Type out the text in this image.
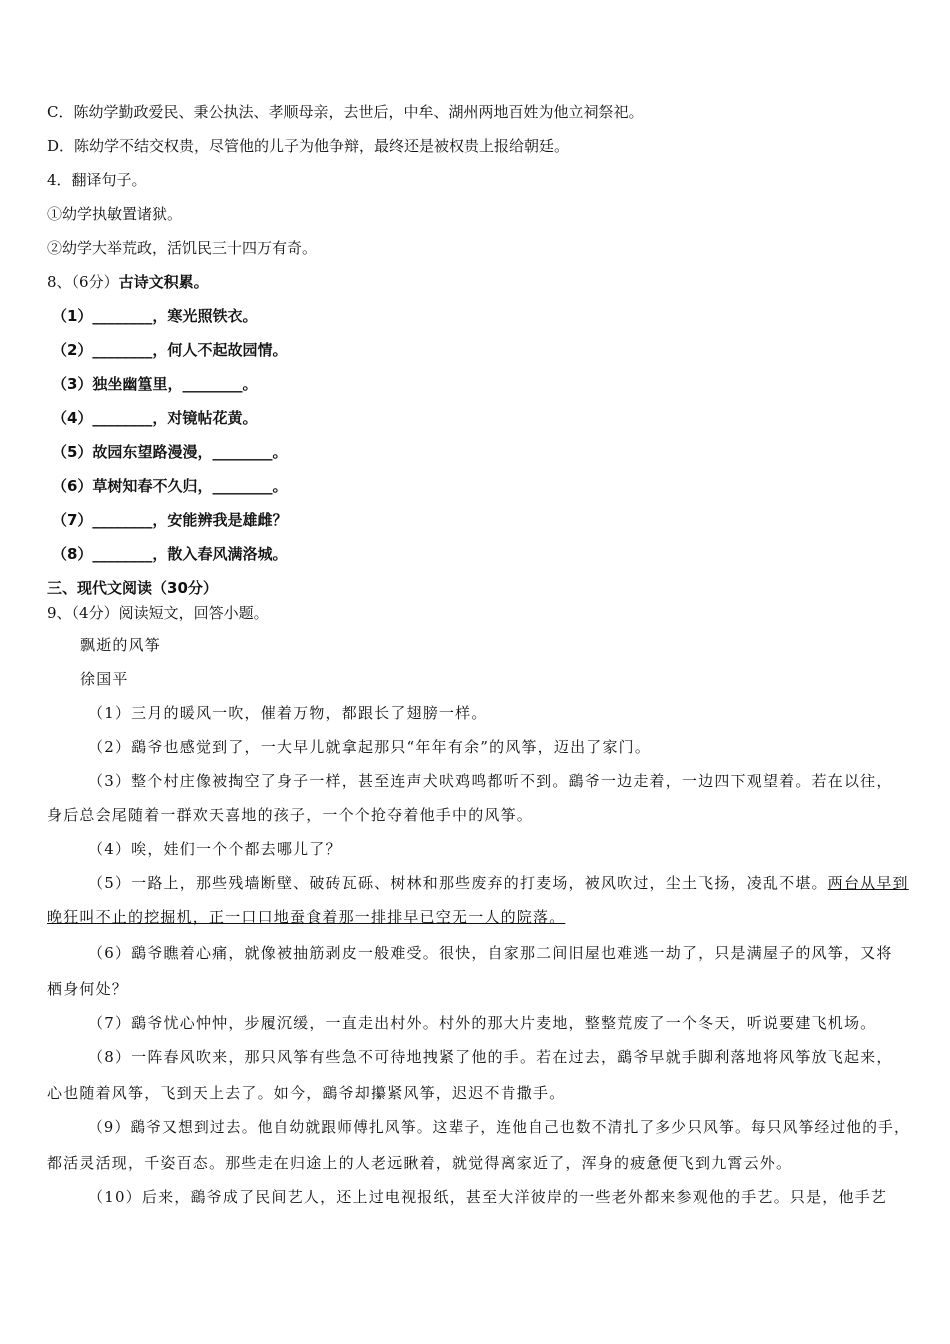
C．陈幼学勤政爱民、秉公执法、孝顺母亲，去世后，中牟、湖州两地百姓为他立祠祭祀。
D．陈幼学不结交权贵，尽管他的儿子为他争辩，最终还是被权贵上报给朝廷。
4．翻译句子。
①幼学执敏置诸狱。
②幼学大举荒政，活饥民三十四万有奇。
8、（6分）古诗文积累。
（1）________，寒光照铁衣。
（2）________，何人不起故园情。
（3）独坐幽篁里，________。
（4）________，对镜帖花黄。
（5）故园东望路漫漫，________。
（6）草树知春不久归，________。
（7）________，安能辨我是雄雌？
（8）________，散入春风满洛城。
三、现代文阅读（30分）
9、（4分）阅读短文，回答小题。
飘逝的风筝
徐国平
（1）三月的暖风一吹，催着万物，都跟长了翅膀一样。
（2）鷂爷也感觉到了，一大早儿就拿起那只“年年有余”的风筝，迈出了家门。
（3）整个村庄像被掏空了身子一样，甚至连声犬吠鸡鸣都听不到。鷂爷一边走着，一边四下观望着。若在以往，
身后总会尾随着一群欢天喜地的孩子，一个个抢夺着他手中的风筝。
（4）唉，娃们一个个都去哪儿了？
（5）一路上，那些残墙断壁、破砖瓦砾、树林和那些废弃的打麦场，被风吹过，尘土飞扬，凌乱不堪。两台从早到
晚狂叫不止的挖掘机，正一口口地蚕食着那一排排早已空无一人的院落。
（6）鷂爷瞧着心痛，就像被抽筋剥皮一般难受。很快，自家那二间旧屋也难逃一劫了，只是满屋子的风筝，又将
栖身何处？
（7）鷂爷忧心忡忡，步履沉缓，一直走出村外。村外的那大片麦地，整整荒废了一个冬天，听说要建飞机场。
（8）一阵春风吹来，那只风筝有些急不可待地拽紧了他的手。若在过去，鷂爷早就手脚利落地将风筝放飞起来，
心也随着风筝，飞到天上去了。如今，鷂爷却攥紧风筝，迟迟不肯撒手。
（9）鷂爷又想到过去。他自幼就跟师傅扎风筝。这辈子，连他自己也数不清扎了多少只风筝。每只风筝经过他的手，
都活灵活现，千姿百态。那些走在归途上的人老远瞅着，就觉得离家近了，浑身的疲惫便飞到九霄云外。
（10）后来，鷂爷成了民间艺人，还上过电视报纸，甚至大洋彼岸的一些老外都来参观他的手艺。只是，他手艺
